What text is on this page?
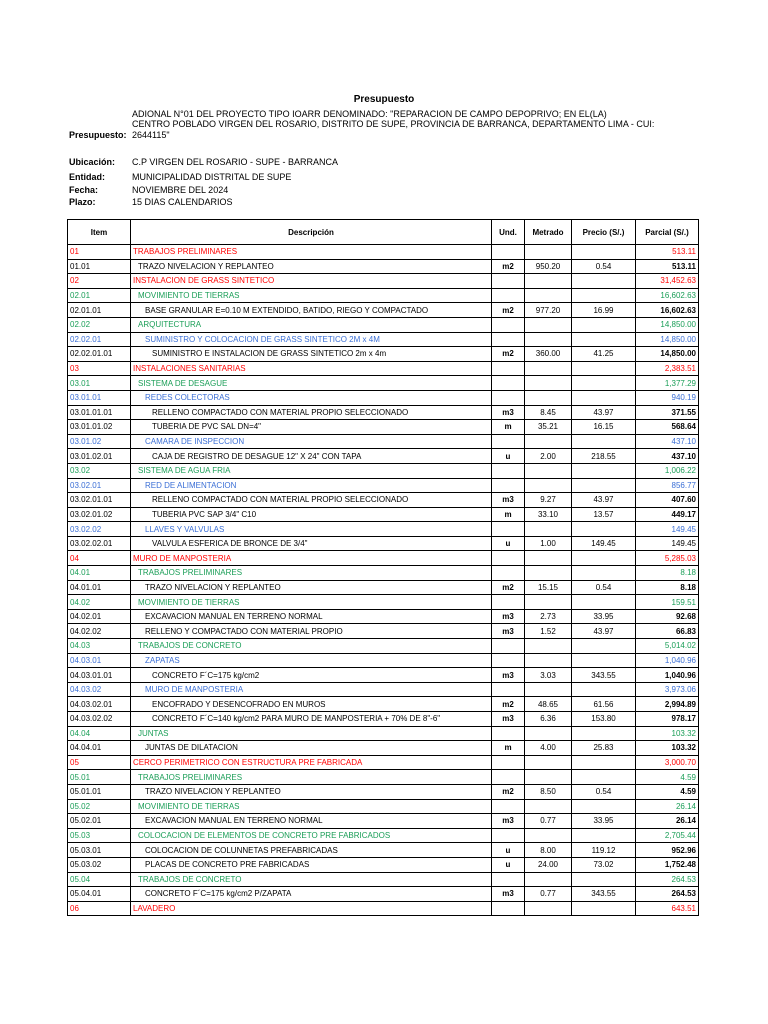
Presupuesto
Presupuesto:
ADIONAL N°01 DEL PROYECTO TIPO IOARR DENOMINADO: "REPARACION DE CAMPO DEPOPRIVO; EN EL(LA)
CENTRO POBLADO VIRGEN DEL ROSARIO, DISTRITO DE SUPE, PROVINCIA DE BARRANCA, DEPARTAMENTO LIMA - CUI:
2644115"
Ubicación: C.P VIRGEN DEL ROSARIO - SUPE - BARRANCA
Entidad:	MUNICIPALIDAD DISTRITAL DE SUPE
Fecha:	NOVIEMBRE DEL 2024
Plazo:	15 DIAS CALENDARIOS
Item	Descripción	Und.	Metrado	Precio (S/.)	Parcial (S/.)
01	TRABAJOS PRELIMINARES				513.11
01.01	TRAZO NIVELACION Y REPLANTEO	m2	950.20	0.54	513.11
02	INSTALACION DE GRASS SINTETICO				31,452.63
02.01	MOVIMIENTO DE TIERRAS				16,602.63
02.01.01	BASE GRANULAR E=0.10 M EXTENDIDO, BATIDO, RIEGO Y COMPACTADO	m2	977.20	16.99	16,602.63
02.02	ARQUITECTURA				14,850.00
02.02.01	SUMINISTRO Y COLOCACION DE GRASS SINTETICO 2M x 4M				14,850.00
02.02.01.01	SUMINISTRO E INSTALACION DE GRASS SINTETICO 2m x 4m	m2	360.00	41.25	14,850.00
03	INSTALACIONES SANITARIAS				2,383.51
03.01	SISTEMA DE DESAGUE				1,377.29
03.01.01	REDES COLECTORAS				940.19
03.01.01.01	RELLENO COMPACTADO CON MATERIAL PROPIO SELECCIONADO	m3	8.45	43.97	371.55
03.01.01.02	TUBERIA DE PVC SAL DN=4"	m	35.21	16.15	568.64
03.01.02	CAMARA DE INSPECCION				437.10
03.01.02.01	CAJA DE REGISTRO DE DESAGUE 12" X 24" CON TAPA	u	2.00	218.55	437.10
03.02	SISTEMA DE AGUA FRIA				1,006.22
03.02.01	RED DE ALIMENTACION				856.77
03.02.01.01	RELLENO COMPACTADO CON MATERIAL PROPIO SELECCIONADO	m3	9.27	43.97	407.60
03.02.01.02	TUBERIA PVC SAP 3/4" C10	m	33.10	13.57	449.17
03.02.02	LLAVES Y VALVULAS				149.45
03.02.02.01	VALVULA ESFERICA DE BRONCE DE 3/4"	u	1.00	149.45	149.45
04	MURO DE MANPOSTERIA				5,285.03
04.01	TRABAJOS PRELIMINARES				8.18
04.01.01	TRAZO NIVELACION Y REPLANTEO	m2	15.15	0.54	8.18
04.02	MOVIMIENTO DE TIERRAS				159.51
04.02.01	EXCAVACION MANUAL EN TERRENO NORMAL	m3	2.73	33.95	92.68
04.02.02	RELLENO Y COMPACTADO CON MATERIAL PROPIO	m3	1.52	43.97	66.83
04.03	TRABAJOS DE CONCRETO				5,014.02
04.03.01	ZAPATAS				1,040.96
04.03.01.01	CONCRETO F´C=175 kg/cm2	m3	3.03	343.55	1,040.96
04.03.02	MURO DE MANPOSTERIA				3,973.06
04.03.02.01	ENCOFRADO Y DESENCOFRADO EN MUROS	m2	48.65	61.56	2,994.89
04.03.02.02	CONCRETO F´C=140 kg/cm2 PARA MURO DE MANPOSTERIA + 70% DE 8"-6"	m3	6.36	153.80	978.17
04.04	JUNTAS				103.32
04.04.01	JUNTAS DE DILATACION	m	4.00	25.83	103.32
05	CERCO PERIMETRICO CON ESTRUCTURA PRE FABRICADA				3,000.70
05.01	TRABAJOS PRELIMINARES				4.59
05.01.01	TRAZO NIVELACION Y REPLANTEO	m2	8.50	0.54	4.59
05.02	MOVIMIENTO DE TIERRAS				26.14
05.02.01	EXCAVACION MANUAL EN TERRENO NORMAL	m3	0.77	33.95	26.14
05.03	COLOCACION DE ELEMENTOS DE CONCRETO PRE FABRICADOS				2,705.44
05.03.01	COLOCACION DE COLUNNETAS PREFABRICADAS	u	8.00	119.12	952.96
05.03.02	PLACAS DE CONCRETO PRE FABRICADAS	u	24.00	73.02	1,752.48
05.04	TRABAJOS DE CONCRETO				264.53
05.04.01	CONCRETO F´C=175 kg/cm2 P/ZAPATA	m3	0.77	343.55	264.53
06	LAVADERO				643.51
